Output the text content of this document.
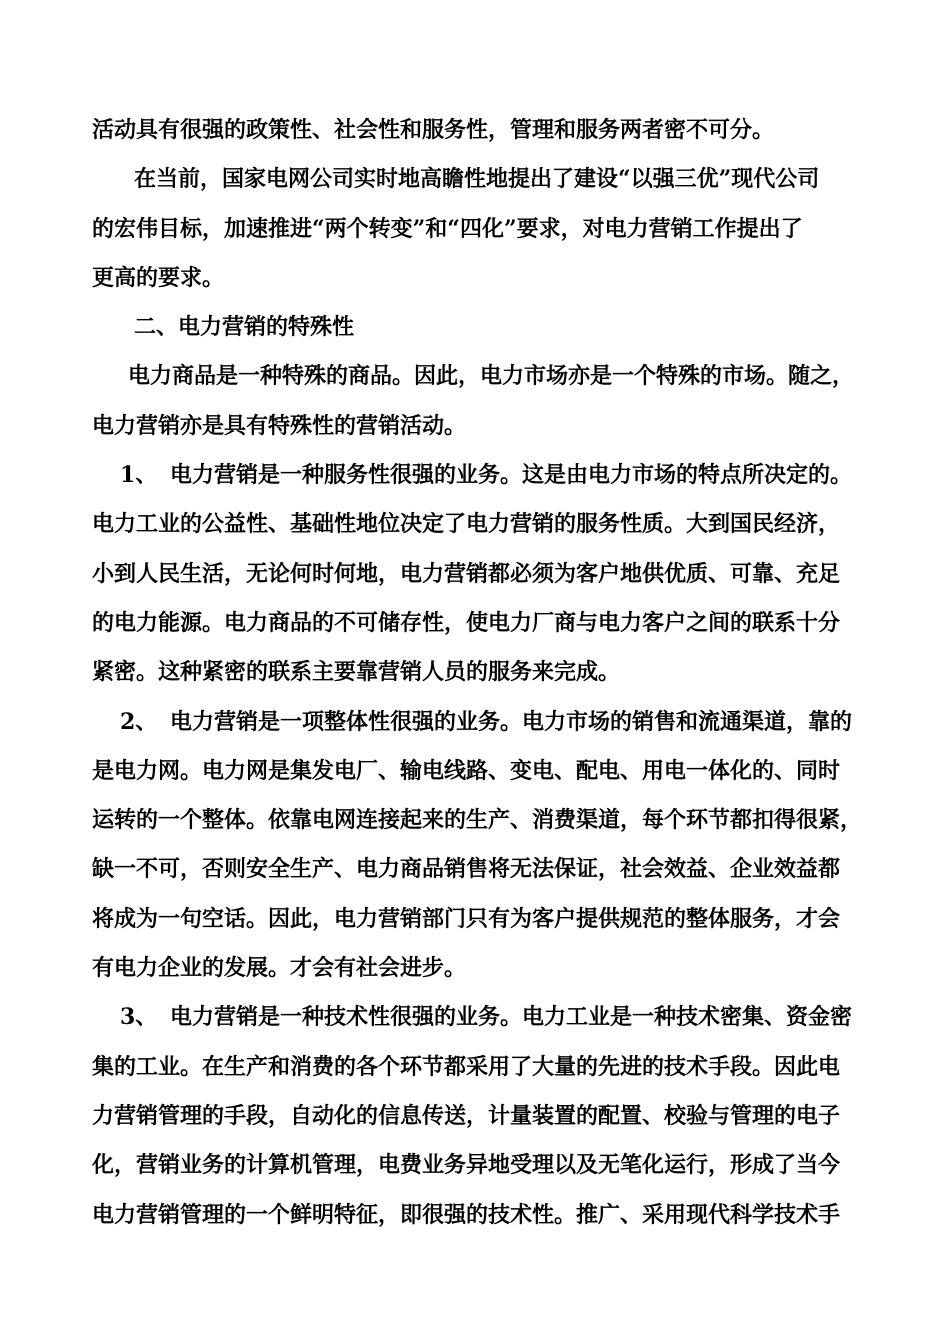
活动具有很强的政策性、社会性和服务性，管理和服务两者密不可分。
在当前，国家电网公司实时地高瞻性地提出了建设“以强三优”现代公司
的宏伟目标，加速推进“两个转变”和“四化”要求，对电力营销工作提出了
更高的要求。
二、电力营销的特殊性
电力商品是一种特殊的商品。因此，电力市场亦是一个特殊的市场。随之，
电力营销亦是具有特殊性的营销活动。
1、 电力营销是一种服务性很强的业务。这是由电力市场的特点所决定的。
电力工业的公益性、基础性地位决定了电力营销的服务性质。大到国民经济，
小到人民生活，无论何时何地，电力营销都必须为客户地供优质、可靠、充足
的电力能源。电力商品的不可储存性，使电力厂商与电力客户之间的联系十分
紧密。这种紧密的联系主要靠营销人员的服务来完成。
2、 电力营销是一项整体性很强的业务。电力市场的销售和流通渠道，靠的
是电力网。电力网是集发电厂、输电线路、变电、配电、用电一体化的、同时
运转的一个整体。依靠电网连接起来的生产、消费渠道，每个环节都扣得很紧，
缺一不可，否则安全生产、电力商品销售将无法保证，社会效益、企业效益都
将成为一句空话。因此，电力营销部门只有为客户提供规范的整体服务，才会
有电力企业的发展。才会有社会进步。
3、 电力营销是一种技术性很强的业务。电力工业是一种技术密集、资金密
集的工业。在生产和消费的各个环节都采用了大量的先进的技术手段。因此电
力营销管理的手段，自动化的信息传送，计量装置的配置、校验与管理的电子
化，营销业务的计算机管理，电费业务异地受理以及无笔化运行，形成了当今
电力营销管理的一个鲜明特征，即很强的技术性。推广、采用现代科学技术手
